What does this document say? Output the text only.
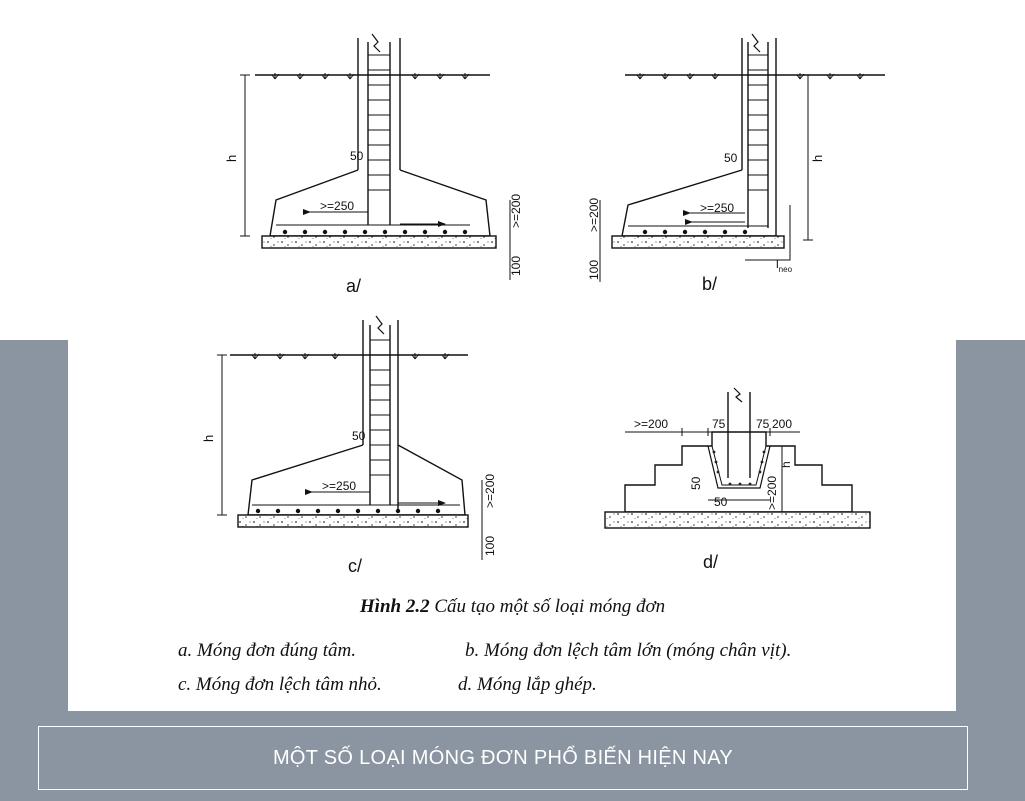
50
>=250
h
>=200
100
a/
50
>=250
h
>=200
100	$l_{neo}$
b/
50
>=250
h
>=200
100
c/
>=200	75	75 200
h
50
50	>=200
d/
Hình 2.2 Cấu tạo một số loại móng đơn
a. Móng đơn đúng tâm.	b. Móng đơn lệch tâm lớn (móng chân vịt).
c. Móng đơn lệch tâm nhỏ.	d. Móng lắp ghép.
MỘT SỐ LOẠI MÓNG ĐƠN PHỔ BIẾN HIỆN NAY
